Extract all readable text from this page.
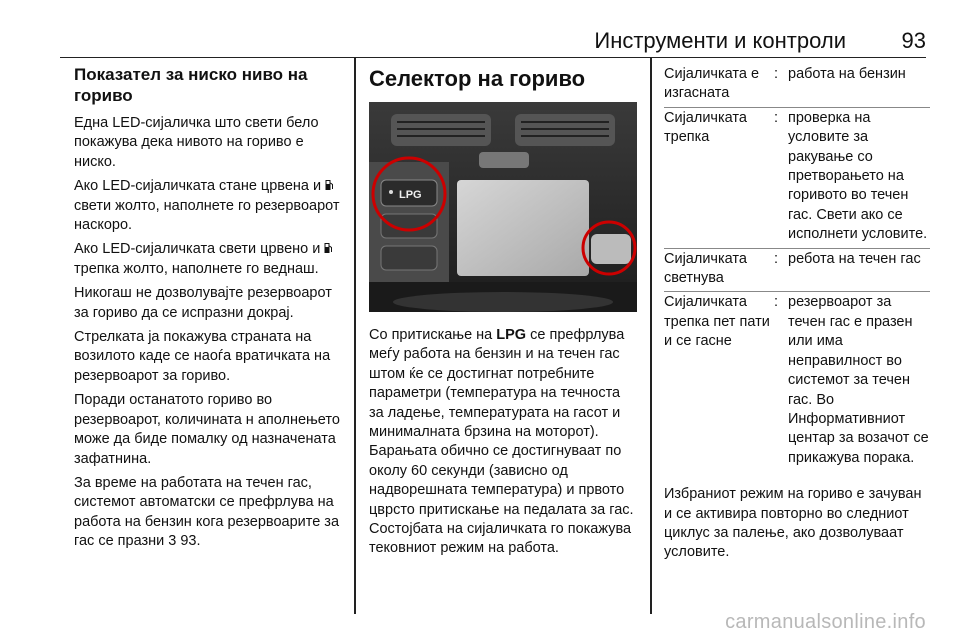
Инструменти и контроли	93
Показател за ниско ниво на гориво

Една LED-сијаличка што свети бело покажува дека нивото на гориво е ниско.

Ако LED-сијаличката стане црвена и  свети жолто, наполнете го резервоарот наскоро.

Ако LED-сијаличката свети црвено и  трепка жолто, наполнете го веднаш.

Никогаш не дозволувајте резервоарот за гориво да се испразни докрај.

Стрелката ја покажува страната на возилото каде се наоѓа вратичката на резервоарот за гориво.

Поради останатото гориво во резервоарот, количината н аполнењето може да биде помалку од назначената зафатнина.

За време на работата на течен гас, системот автоматски се префрлува на работа на бензин кога резервоарите за гас се празни 3 93.

Селектор на гориво
LPG

Со притискање на LPG се префрлува меѓу работа на бензин и на течен гас штом ќе се достигнат потребните параметри (температура на течноста за ладење, температурата на гасот и минималната брзина на моторот). Барањата обично се достигнуваат по околу 60 секунди (зависно од надворешната температура) и првото цврсто притискање на педалата за гас. Состојбата на сијаличката го покажува тековниот режим на работа.

Сијаличката е изгасната	:	работа на бензин
Сијаличката трепка	:	проверка на условите за ракување со претворањето на горивото во течен гас. Свети ако се исполнети условите.
Сијаличката светнува	:	ребота на течен гас
Сијаличката трепка пет пати и се гасне	:	резервоарот за течен гас е празен или има неправилност во системот за течен гас. Во Информативниот центар за возачот се прикажува порака.

Избраниот режим на гориво е зачуван и се активира повторно во следниот циклус за палење, ако дозволуваат условите.

carmanualsonline.info
